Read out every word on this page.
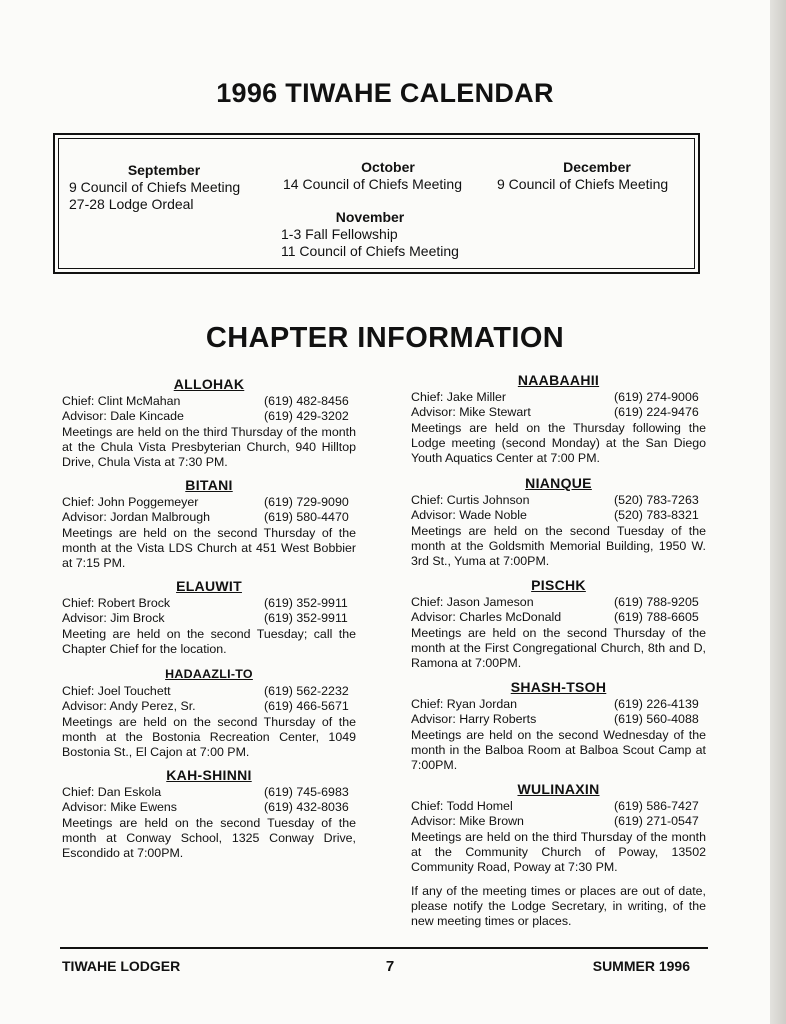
1996 TIWAHE CALENDAR
September
9 Council of Chiefs Meeting
27-28 Lodge Ordeal
October
14 Council of Chiefs Meeting
December
9 Council of Chiefs Meeting
November
1-3 Fall Fellowship
11 Council of Chiefs Meeting
CHAPTER INFORMATION
ALLOHAK
Chief: Clint McMahan	(619) 482-8456
Advisor: Dale Kincade	(619) 429-3202
Meetings are held on the third Thursday of the month at the Chula Vista Presbyterian Church, 940 Hilltop Drive, Chula Vista at 7:30 PM.
BITANI
Chief: John Poggemeyer	(619) 729-9090
Advisor: Jordan Malbrough	(619) 580-4470
Meetings are held on the second Thursday of the month at the Vista LDS Church at 451 West Bobbier at 7:15 PM.
ELAUWIT
Chief: Robert Brock	(619) 352-9911
Advisor: Jim Brock	(619) 352-9911
Meeting are held on the second Tuesday; call the Chapter Chief for the location.
HADAAZLI-TO
Chief: Joel Touchett	(619) 562-2232
Advisor: Andy Perez, Sr.	(619) 466-5671
Meetings are held on the second Thursday of the month at the Bostonia Recreation Center, 1049 Bostonia St., El Cajon at 7:00 PM.
KAH-SHINNI
Chief: Dan Eskola	(619) 745-6983
Advisor: Mike Ewens	(619) 432-8036
Meetings are held on the second Tuesday of the month at Conway School, 1325 Conway Drive, Escondido at 7:00PM.
NAABAAHII
Chief: Jake Miller	(619) 274-9006
Advisor: Mike Stewart	(619) 224-9476
Meetings are held on the Thursday following the Lodge meeting (second Monday) at the San Diego Youth Aquatics Center at 7:00 PM.
NIANQUE
Chief: Curtis Johnson	(520) 783-7263
Advisor: Wade Noble	(520) 783-8321
Meetings are held on the second Tuesday of the month at the Goldsmith Memorial Building, 1950 W. 3rd St., Yuma at 7:00PM.
PISCHK
Chief: Jason Jameson	(619) 788-9205
Advisor: Charles McDonald	(619) 788-6605
Meetings are held on the second Thursday of the month at the First Congregational Church, 8th and D, Ramona at 7:00PM.
SHASH-TSOH
Chief: Ryan Jordan	(619) 226-4139
Advisor: Harry Roberts	(619) 560-4088
Meetings are held on the second Wednesday of the month in the Balboa Room at Balboa Scout Camp at 7:00PM.
WULINAXIN
Chief: Todd Homel	(619) 586-7427
Advisor: Mike Brown	(619) 271-0547
Meetings are held on the third Thursday of the month at the Community Church of Poway, 13502 Community Road, Poway at 7:30 PM.
If any of the meeting times or places are out of date, please notify the Lodge Secretary, in writing, of the new meeting times or places.
TIWAHE LODGER	7	SUMMER 1996
